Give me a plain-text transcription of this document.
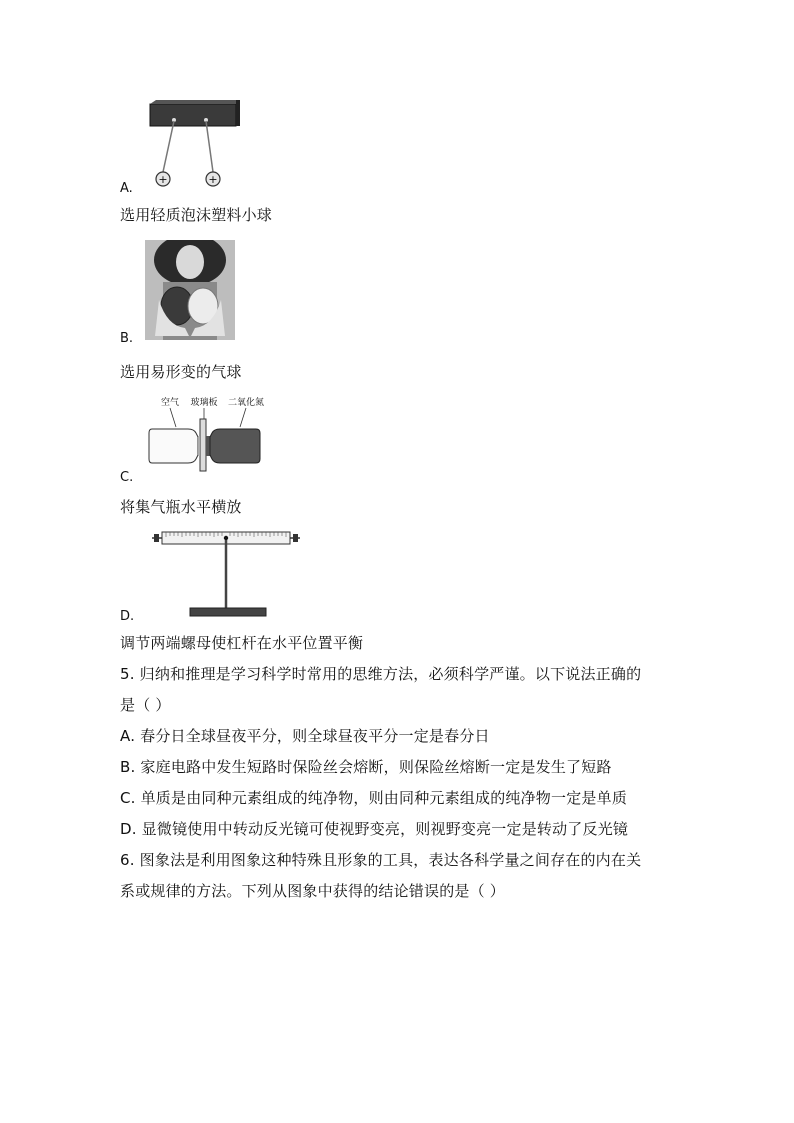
+	+
A.
选用轻质泡沫塑料小球
B.
选用易形变的气球
空气 玻璃板 二氧化氮
C.
将集气瓶水平横放
D.
调节两端螺母使杠杆在水平位置平衡
5. 归纳和推理是学习科学时常用的思维方法，必须科学严谨。以下说法正确的
是（ ）
A. 春分日全球昼夜平分，则全球昼夜平分一定是春分日
B. 家庭电路中发生短路时保险丝会熔断，则保险丝熔断一定是发生了短路
C. 单质是由同种元素组成的纯净物，则由同种元素组成的纯净物一定是单质
D. 显微镜使用中转动反光镜可使视野变亮，则视野变亮一定是转动了反光镜
6. 图象法是利用图象这种特殊且形象的工具，表达各科学量之间存在的内在关
系或规律的方法。下列从图象中获得的结论错误的是（ ）
